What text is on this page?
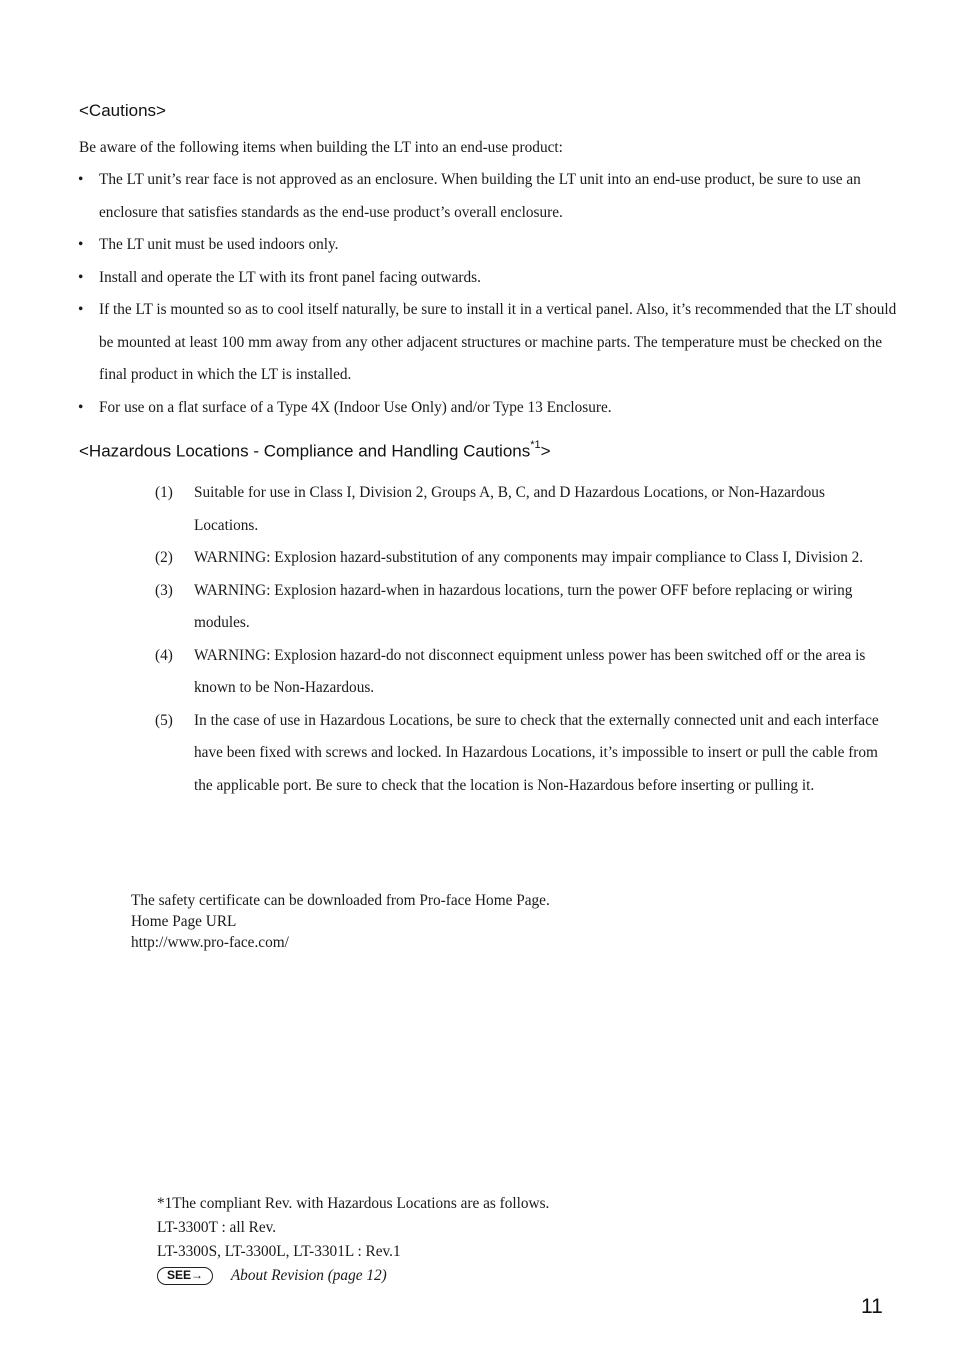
<Cautions>
Be aware of the following items when building the LT into an end-use product:
• The LT unit’s rear face is not approved as an enclosure. When building the LT unit into an end-use product, be sure to use an enclosure that satisfies standards as the end-use product’s overall enclosure.
• The LT unit must be used indoors only.
• Install and operate the LT with its front panel facing outwards.
• If the LT is mounted so as to cool itself naturally, be sure to install it in a vertical panel. Also, it’s recommended that the LT should be mounted at least 100 mm away from any other adjacent structures or machine parts. The temperature must be checked on the final product in which the LT is installed.
• For use on a flat surface of a Type 4X (Indoor Use Only) and/or Type 13 Enclosure.
<Hazardous Locations - Compliance and Handling Cautions$^{*1}$>
(1) Suitable for use in Class I, Division 2, Groups A, B, C, and D Hazardous Locations, or Non-Hazardous Locations.
(2) WARNING: Explosion hazard-substitution of any components may impair compliance to Class I, Division 2.
(3) WARNING: Explosion hazard-when in hazardous locations, turn the power OFF before replacing or wiring modules.
(4) WARNING: Explosion hazard-do not disconnect equipment unless power has been switched off or the area is known to be Non-Hazardous.
(5) In the case of use in Hazardous Locations, be sure to check that the externally connected unit and each interface have been fixed with screws and locked. In Hazardous Locations, it’s impossible to insert or pull the cable from the applicable port. Be sure to check that the location is Non-Hazardous before inserting or pulling it.
The safety certificate can be downloaded from Pro-face Home Page.
Home Page URL
http://www.pro-face.com/
*1The compliant Rev. with Hazardous Locations are as follows.
LT-3300T : all Rev.
LT-3300S, LT-3300L, LT-3301L : Rev.1
SEE→ About Revision (page 12)
11
